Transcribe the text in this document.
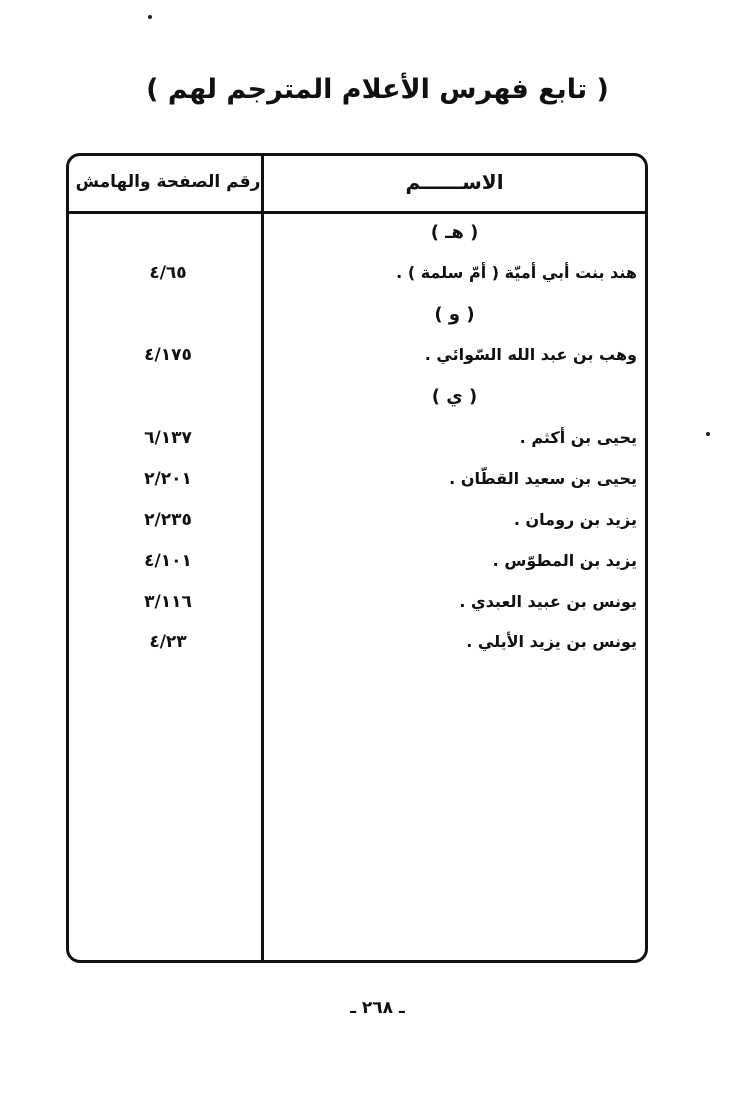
( تابع فهرس الأعلام المترجم لهم )
الاســــــم
رقم الصفحة والهامش
( هـ )
هند بنت أبي أميّة ( أمّ سلمة ) .
٤/٦٥
( و )
وهب بن عبد الله السّوائي .
٤/١٧٥
( ي )
يحيى بن أكثم .
٦/١٣٧
يحيى بن سعيد القطّان .
٢/٢٠١
يزيد بن رومان .
٢/٢٣٥
يزيد بن المطوّس .
٤/١٠١
يونس بن عبيد العبدي .
٣/١١٦
يونس بن يزيد الأيلي .
٤/٢٣
ـ ٢٦٨ ـ
